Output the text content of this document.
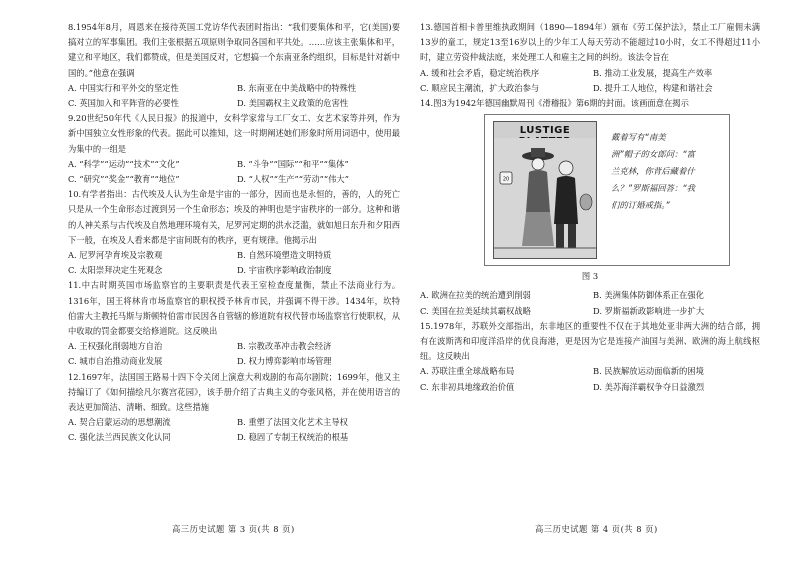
8.1954年8月，周恩来在接待英国工党访华代表团时指出：“我们要集体和平，它(美国)要搞对立的军事集团。我们主张根据五项原则争取同各国和平共处。……应该主张集体和平，建立和平地区，我们都赞成，但是美国反对，它想搞一个东南亚条约组织，目标是针对新中国的。”他意在强调

A. 中国实行和平外交的坚定性	B. 东南亚在中美战略中的特殊性
C. 英国加入和平阵营的必要性	D. 美国霸权主义政策的危害性

9.20世纪50年代《人民日报》的报道中，女科学家常与工厂女工、女艺术家等并列，作为新中国独立女性形象的代表。据此可以推知，这一时期阐述她们形象时所用词语中，使用最为集中的一组是

A. “科学”“运动”“技术”“文化”	B. “斗争”“国际”“和平”“集体”
C. “研究”“奖金”“教育”“地位”	D. “人权”“生产”“劳动”“伟大”

10.有学者指出：古代埃及人认为生命是宇宙的一部分，因而也是永恒的，善的，人的死亡只是从一个生命形态过渡到另一个生命形态；埃及的神明也是宇宙秩序的一部分。这种和谐的人神关系与古代埃及自然地理环境有关，尼罗河定期的洪水泛滥，就如旭日东升和夕阳西下一般，在埃及人看来都是宇宙间既有的秩序，更有规律。他揭示出

A. 尼罗河孕育埃及宗教观	B. 自然环境塑造文明特质
C. 太阳崇拜决定生死观念	D. 宇宙秩序影响政治制度

11.中古时期英国市场监察官的主要职责是代表王室检查度量衡，禁止不法商业行为。1316年，国王将林肯市场监察官的职权授予林肯市民，并强调不得干涉。1434年，坎特伯雷大主教托马斯与斯顿特伯雷市民因各自管辖的修道院有权代替市场监察官行使职权，从中收取的罚金都要交给修道院。这反映出

A. 王权强化削弱地方自治	B. 宗教改革冲击教会经济
C. 城市自治推动商业发展	D. 权力博弈影响市场管理

12.1697年，法国国王路易十四下令关闭上演意大利戏剧的布高尔剧院；1699年，他又主持编订了《如何描绘凡尔赛宫花园》，该手册介绍了古典主义的夸张风格，并在使用语言的表达更加简洁、清晰、细致。这些措施

A. 契合启蒙运动的思想潮流	B. 重塑了法国文化艺术主导权
C. 强化法兰西民族文化认同	D. 稳固了专制王权统治的根基

13.德国首相卡普里维执政期间（1890—1894年）颁布《劳工保护法》，禁止工厂雇佣未满13岁的童工，规定13至16岁以上的少年工人每天劳动不能超过10小时，女工不得超过11小时，建立劳资仲裁法庭，来处理工人和雇主之间的纠纷。该法令旨在

A. 缓和社会矛盾，稳定统治秩序	B. 推动工业发展，提高生产效率
C. 顺应民主潮流，扩大政治参与	D. 提升工人地位，构建和谐社会

14.图3为1942年德国幽默周刊《滑稽报》第6期的封面。该画面意在揭示

LUSTIGE
20
戴着写有“南美
洲”帽子的女郎问：“富
兰克林，你背后藏着什
么？”罗斯福回答：“我
们的订婚戒指。”
图 3
A. 欧洲在拉美的统治遭到削弱	B. 美洲集体防御体系正在强化
C. 美国在拉美延续其霸权战略	D. 罗斯福新政影响进一步扩大

15.1978年，苏联外交部指出，东非地区的重要性不仅在于其地处亚非两大洲的结合部，拥有在波斯湾和印度洋沿岸的优良海港，更是因为它是连接产油国与美洲、欧洲的海上航线枢纽。这反映出

A. 苏联注重全球战略布局	B. 民族解放运动面临新的困境
C. 东非初具地缘政治价值	D. 美苏海洋霸权争夺日益激烈
高三历史试题 第 3 页(共 8 页)	高三历史试题 第 4 页(共 8 页)
